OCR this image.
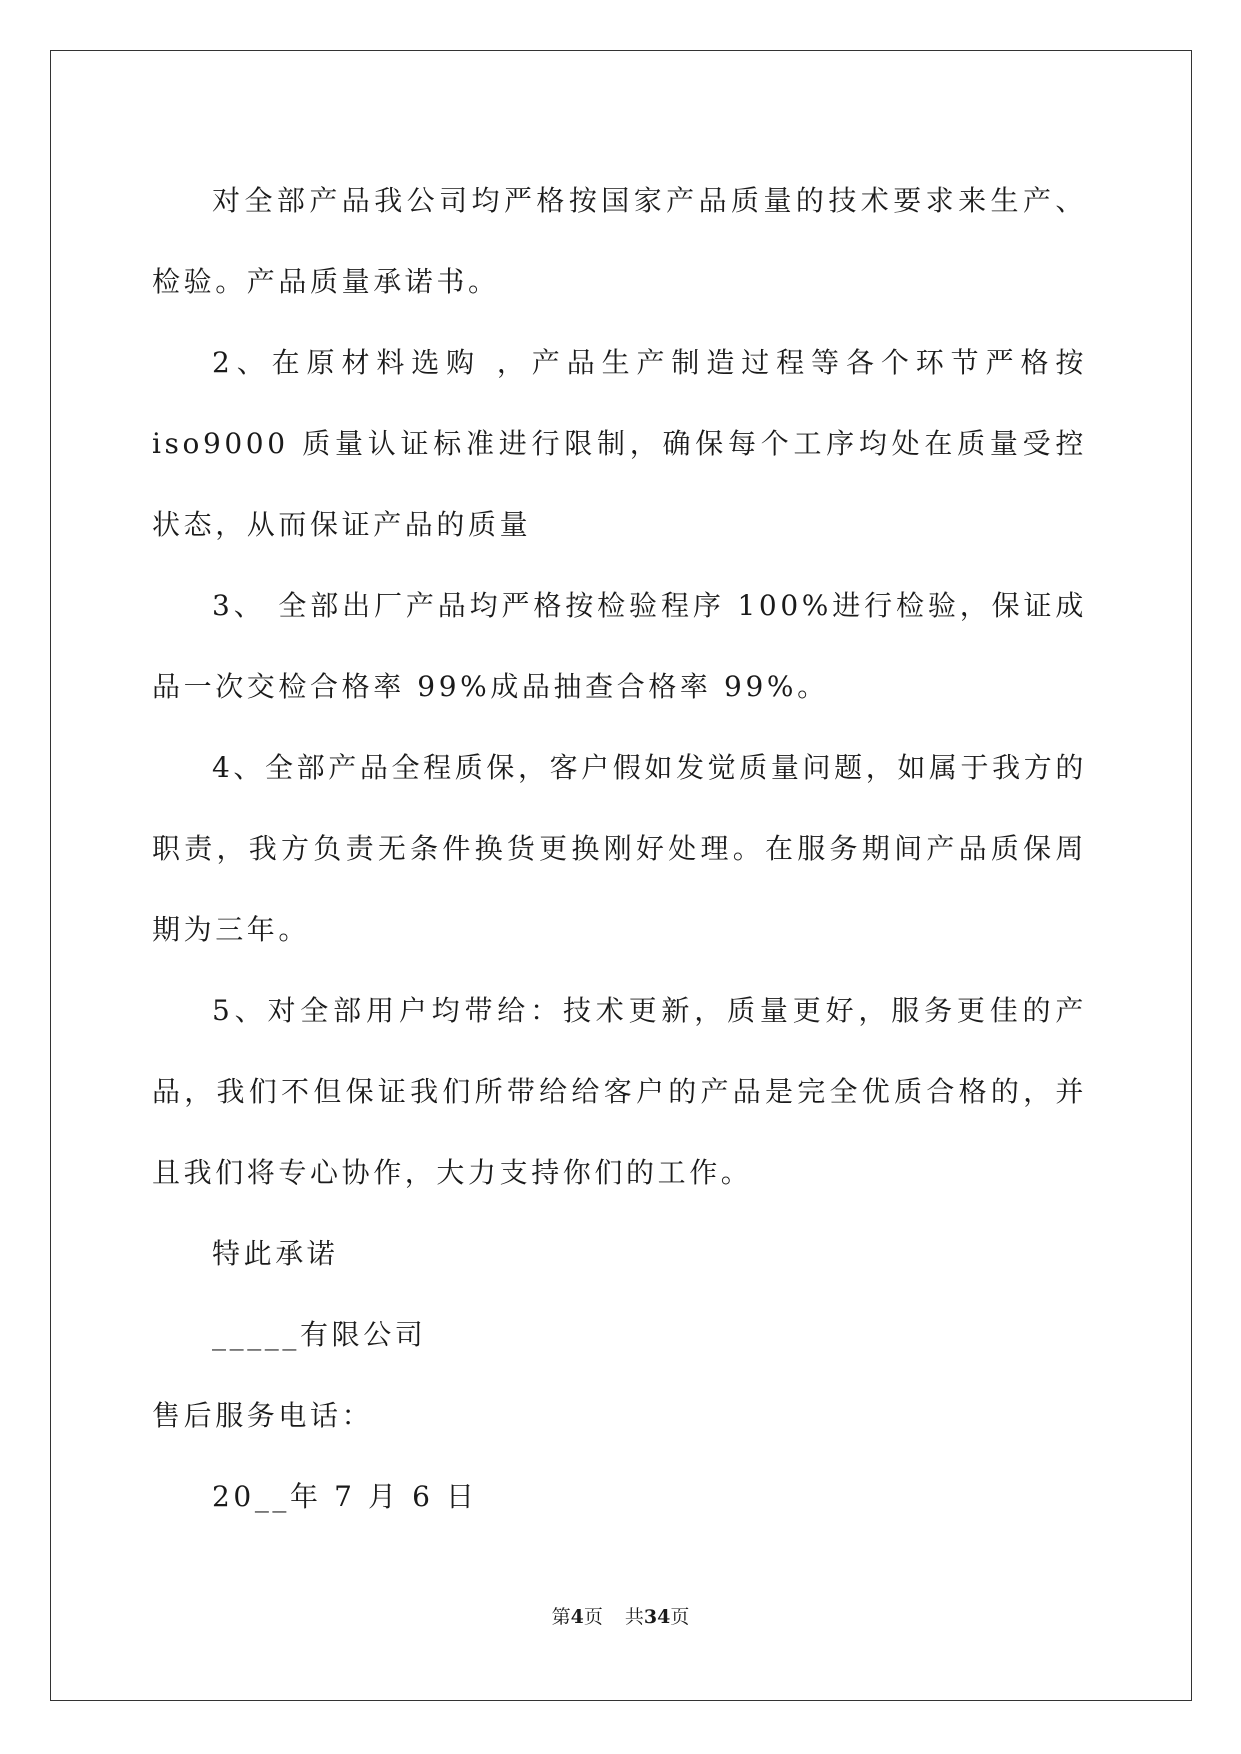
对全部产品我公司均严格按国家产品质量的技术要求来生产、检验。产品质量承诺书。

2、在原材料选购 ，产品生产制造过程等各个环节严格按 iso9000 质量认证标准进行限制，确保每个工序均处在质量受控状态，从而保证产品的质量

3、 全部出厂产品均严格按检验程序 100%进行检验，保证成品一次交检合格率 99%成品抽查合格率 99%。

4、全部产品全程质保，客户假如发觉质量问题，如属于我方的职责，我方负责无条件换货更换刚好处理。在服务期间产品质保周期为三年。

5、对全部用户均带给：技术更新，质量更好，服务更佳的产品，我们不但保证我们所带给给客户的产品是完全优质合格的，并且我们将专心协作，大力支持你们的工作。

特此承诺

_____有限公司

售后服务电话：

20__年 7 月 6 日

第4页 共34页
